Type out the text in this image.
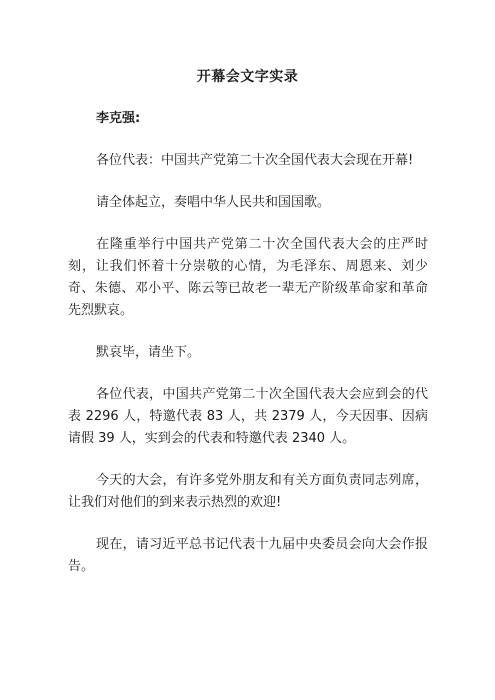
开幕会文字实录

李克强:

各位代表：中国共产党第二十次全国代表大会现在开幕!

请全体起立，奏唱中华人民共和国国歌。

在隆重举行中国共产党第二十次全国代表大会的庄严时刻，让我们怀着十分崇敬的心情，为毛泽东、周恩来、刘少奇、朱德、邓小平、陈云等已故老一辈无产阶级革命家和革命先烈默哀。

默哀毕，请坐下。

各位代表，中国共产党第二十次全国代表大会应到会的代表 2296 人，特邀代表 83 人，共 2379 人，今天因事、因病请假 39 人，实到会的代表和特邀代表 2340 人。

今天的大会，有许多党外朋友和有关方面负责同志列席，让我们对他们的到来表示热烈的欢迎!

现在，请习近平总书记代表十九届中央委员会向大会作报告。
